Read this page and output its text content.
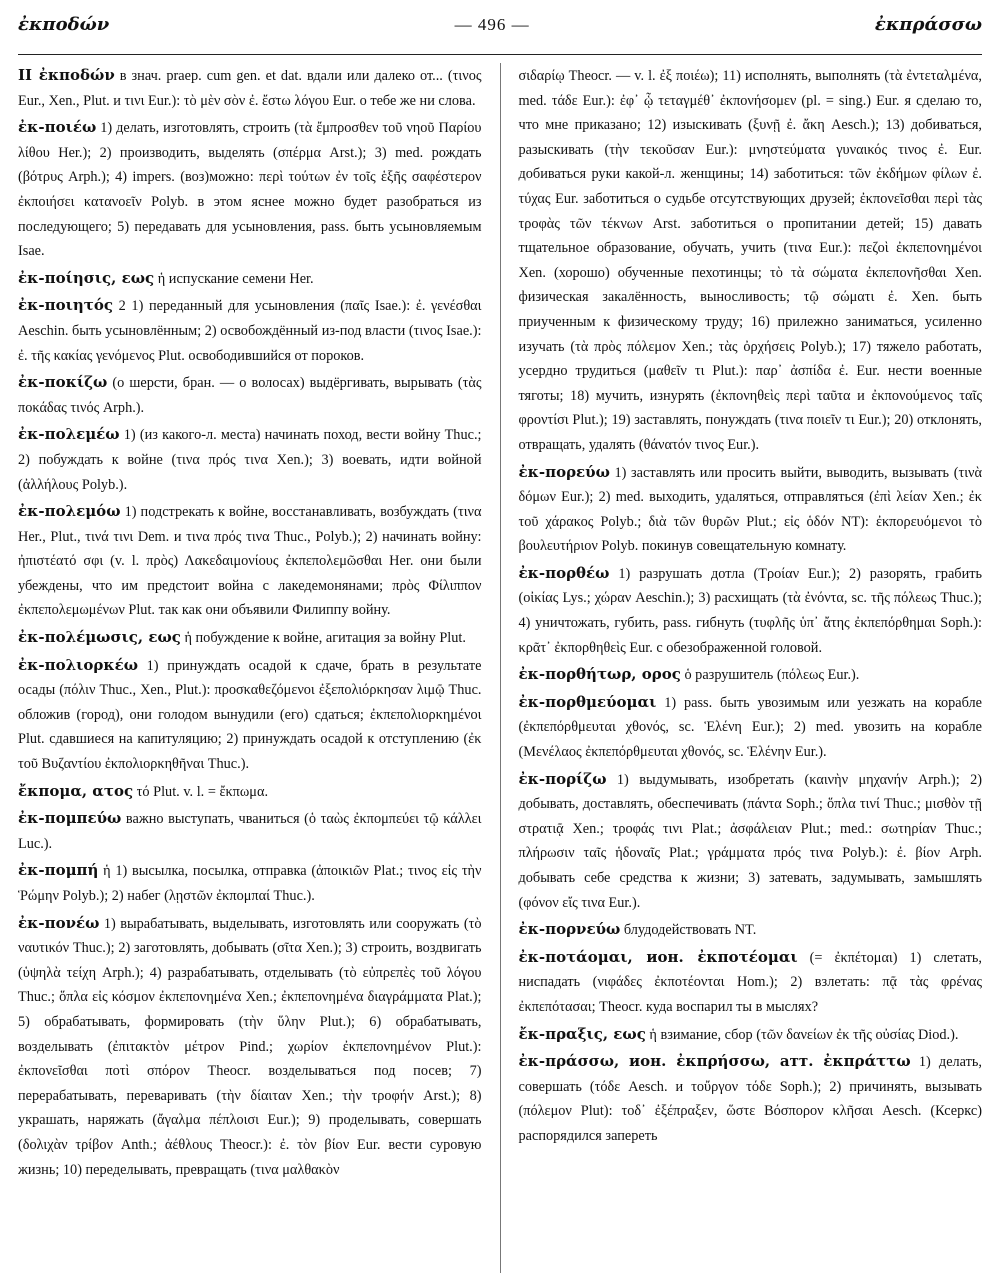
ἐκποδών	— 496 —	ἐκπράσσω

II ἐκποδών в знач. praep. cum gen. et dat. вдали или далеко от... (τινος Eur., Xen., Plut. и τινι Eur.): τὸ μὲν σὸν ἐ. ἔστω λόγου Eur. о тебе же ни слова.

ἐκ-ποιέω 1) делать, изготовлять, строить (τὰ ἔμπροσθεν τοῦ νηοῦ Παρίου λίθου Her.); 2) производить, выделять (σπέρμα Arst.); 3) med. рождать (βότρυς Arph.); 4) impers. (воз)можно: περὶ τούτων ἐν τοῖς ἑξῆς σαφέστερον ἐκποιήσει κατανοεῖν Polyb. в этом яснее можно будет разобраться из последующего; 5) передавать для усыновления, pass. быть усыновляемым Isae.

ἐκ-ποίησις, εως ἡ испускание семени Her.

ἐκ-ποιητός 2 1) переданный для усыновления (παῖς Isae.): ἐ. γενέσθαι Aeschin. быть усыновлённым; 2) освобождённый из-под власти (τινος Isae.): ἐ. τῆς κακίας γενόμενος Plut. освободившийся от пороков.

ἐκ-ποκίζω (о шерсти, бран. — о волосах) выдёргивать, вырывать (τὰς ποκάδας τινός Arph.).

ἐκ-πολεμέω 1) (из какого-л. места) начинать поход, вести войну Thuc.; 2) побуждать к войне (τινα πρός τινα Xen.); 3) воевать, идти войной (ἀλλήλους Polyb.).

ἐκ-πολεμόω 1) подстрекать к войне, восстанавливать, возбуждать (τινα Her., Plut., τινά τινι Dem. и τινα πρός τινα Thuc., Polyb.); 2) начинать войну: ἠπιστέατό σφι (v. l. πρὸς) Λακεδαιμονίους ἐκπεπολεμῶσθαι Her. они были убеждены, что им предстоит война с лакедемонянами; πρὸς Φίλιππον ἐκπεπολεμωμένων Plut. так как они объявили Филиппу войну.

ἐκ-πολέμωσις, εως ἡ побуждение к войне, агитация за войну Plut.

ἐκ-πολιορκέω 1) принуждать осадой к сдаче, брать в результате осады (πόλιν Thuc., Xen., Plut.): προσκαθεζόμενοι ἐξεπολιόρκησαν λιμῷ Thuc. обложив (город), они голодом вынудили (его) сдаться; ἐκπεπολιορκημένοι Plut. сдавшиеся на капитуляцию; 2) принуждать осадой к отступлению (ἐκ τοῦ Βυζαντίου ἐκπολιορκηθῆναι Thuc.).

ἔκπομα, ατος τό Plut. v. l. = ἔκπωμα.

ἐκ-πομπεύω важно выступать, чваниться (ὁ ταὼς ἐκπομπεύει τῷ κάλλει Luc.).

ἐκ-πομπή ἡ 1) высылка, посылка, отправка (ἀποικιῶν Plat.; τινος εἰς τὴν Ῥώμην Polyb.); 2) набег (λῃστῶν ἐκπομπαί Thuc.).

ἐκ-πονέω 1) вырабатывать, выделывать, изготовлять или сооружать (τὸ ναυτικόν Thuc.); 2) заготовлять, добывать (σῖτα Xen.); 3) строить, воздвигать (ὑψηλὰ τείχη Arph.); 4) разрабатывать, отделывать (τὸ εὐπρεπὲς τοῦ λόγου Thuc.; ὅπλα εἰς κόσμον ἐκπεπονημένα Xen.; ἐκπεπονημένα διαγράμματα Plat.); 5) обрабатывать, формировать (τὴν ὕλην Plut.); 6) обрабатывать, возделывать (ἐπιτακτὸν μέτρον Pind.; χωρίον ἐκπεπονημένον Plut.): ἐκπονεῖσθαι ποτὶ σπόρον Theocr. возделываться под посев; 7) перерабатывать, переваривать (τὴν δίαιταν Xen.; τὴν τροφήν Arst.); 8) украшать, наряжать (ἄγαλμα πέπλοισι Eur.); 9) проделывать, совершать (δολιχὰν τρίβον Anth.; ἀέθλους Theocr.): ἐ. τὸν βίον Eur. вести суровую жизнь; 10) переделывать, превращать (τινα μαλθακὸν

σιδαρίῳ Theocr. — v. l. ἐξ ποιέω); 11) исполнять, выполнять (τὰ ἐντεταλμένα, med. τάδε Eur.): ἐφ᾽ ᾧ τεταγμέθ᾽ ἐκπονήσομεν (pl. = sing.) Eur. я сделаю то, что мне приказано; 12) изыскивать (ξυνῇ ἐ. ἄκη Aesch.); 13) добиваться, разыскивать (τὴν τεκοῦσαν Eur.): μνηστεύματα γυναικός τινος ἐ. Eur. добиваться руки какой-л. женщины; 14) заботиться: τῶν ἐκδήμων φίλων ἐ. τύχας Eur. заботиться о судьбе отсутствующих друзей; ἐκπονεῖσθαι περὶ τὰς τροφὰς τῶν τέκνων Arst. заботиться о пропитании детей; 15) давать тщательное образование, обучать, учить (τινα Eur.): πεζοὶ ἐκπεπονημένοι Xen. (хорошо) обученные пехотинцы; τὸ τὰ σώματα ἐκπεπονῆσθαι Xen. физическая закалённость, выносливость; τῷ σώματι ἐ. Xen. быть приученным к физическому труду; 16) прилежно заниматься, усиленно изучать (τὰ πρὸς πόλεμον Xen.; τὰς ὀρχήσεις Polyb.); 17) тяжело работать, усердно трудиться (μαθεῖν τι Plut.): παρ᾽ ἀσπίδα ἐ. Eur. нести военные тяготы; 18) мучить, изнурять (ἐκπονηθεὶς περὶ ταῦτα и ἐκπονούμενος ταῖς φροντίσι Plut.); 19) заставлять, понуждать (τινα ποιεῖν τι Eur.); 20) отклонять, отвращать, удалять (θάνατόν τινος Eur.).

ἐκ-πορεύω 1) заставлять или просить выйти, выводить, вызывать (τινὰ δόμων Eur.); 2) med. выходить, удаляться, отправляться (ἐπὶ λείαν Xen.; ἐκ τοῦ χάρακος Polyb.; διὰ τῶν θυρῶν Plut.; εἰς ὁδόν NT): ἐκπορευόμενοι τὸ βουλευτήριον Polyb. покинув совещательную комнату.

ἐκ-πορθέω 1) разрушать дотла (Τροίαν Eur.); 2) разорять, грабить (οἰκίας Lys.; χώραν Aeschin.); 3) расхищать (τὰ ἐνόντα, sc. τῆς πόλεως Thuc.); 4) уничтожать, губить, pass. гибнуть (τυφλῆς ὑπ᾽ ἄτης ἐκπεπόρθημαι Soph.): κρᾶτ᾽ ἐκπορθηθεὶς Eur. с обезображенной головой.

ἐκ-πορθήτωρ, ορος ὁ разрушитель (πόλεως Eur.).

ἐκ-πορθμεύομαι 1) pass. быть увозимым или уезжать на корабле (ἐκπεπόρθμευται χθονός, sc. Ἑλένη Eur.); 2) med. увозить на корабле (Μενέλαος ἐκπεπόρθμευται χθονός, sc. Ἑλένην Eur.).

ἐκ-πορίζω 1) выдумывать, изобретать (καινὴν μηχανήν Arph.); 2) добывать, доставлять, обеспечивать (πάντα Soph.; ὅπλα τινί Thuc.; μισθὸν τῇ στρατιᾷ Xen.; τροφάς τινι Plat.; ἀσφάλειαν Plut.; med.: σωτηρίαν Thuc.; πλήρωσιν ταῖς ἡδοναῖς Plat.; γράμματα πρός τινα Polyb.): ἐ. βίον Arph. добывать себе средства к жизни; 3) затевать, задумывать, замышлять (φόνον εἴς τινα Eur.).

ἐκ-πορνεύω блудодействовать NT.

ἐκ-ποτάομαι, ион. ἐκποτέομαι (= ἐκπέτομαι) 1) слетать, ниспадать (νιφάδες ἐκποτέονται Hom.); 2) взлетать: πᾷ τὰς φρένας ἐκπεπότασαι; Theocr. куда воспарил ты в мыслях?

ἔκ-πραξις, εως ἡ взимание, сбор (τῶν δανείων ἐκ τῆς οὐσίας Diod.).

ἐκ-πράσσω, ион. ἐκπρήσσω, атт. ἐκπράττω 1) делать, совершать (τόδε Aesch. и τοὔργον τόδε Soph.); 2) причинять, вызывать (πόλεμον Plut): τοδ᾽ ἐξέπραξεν, ὥστε Βόσπορον κλῆσαι Aesch. (Ксеркс) распорядился запереть
